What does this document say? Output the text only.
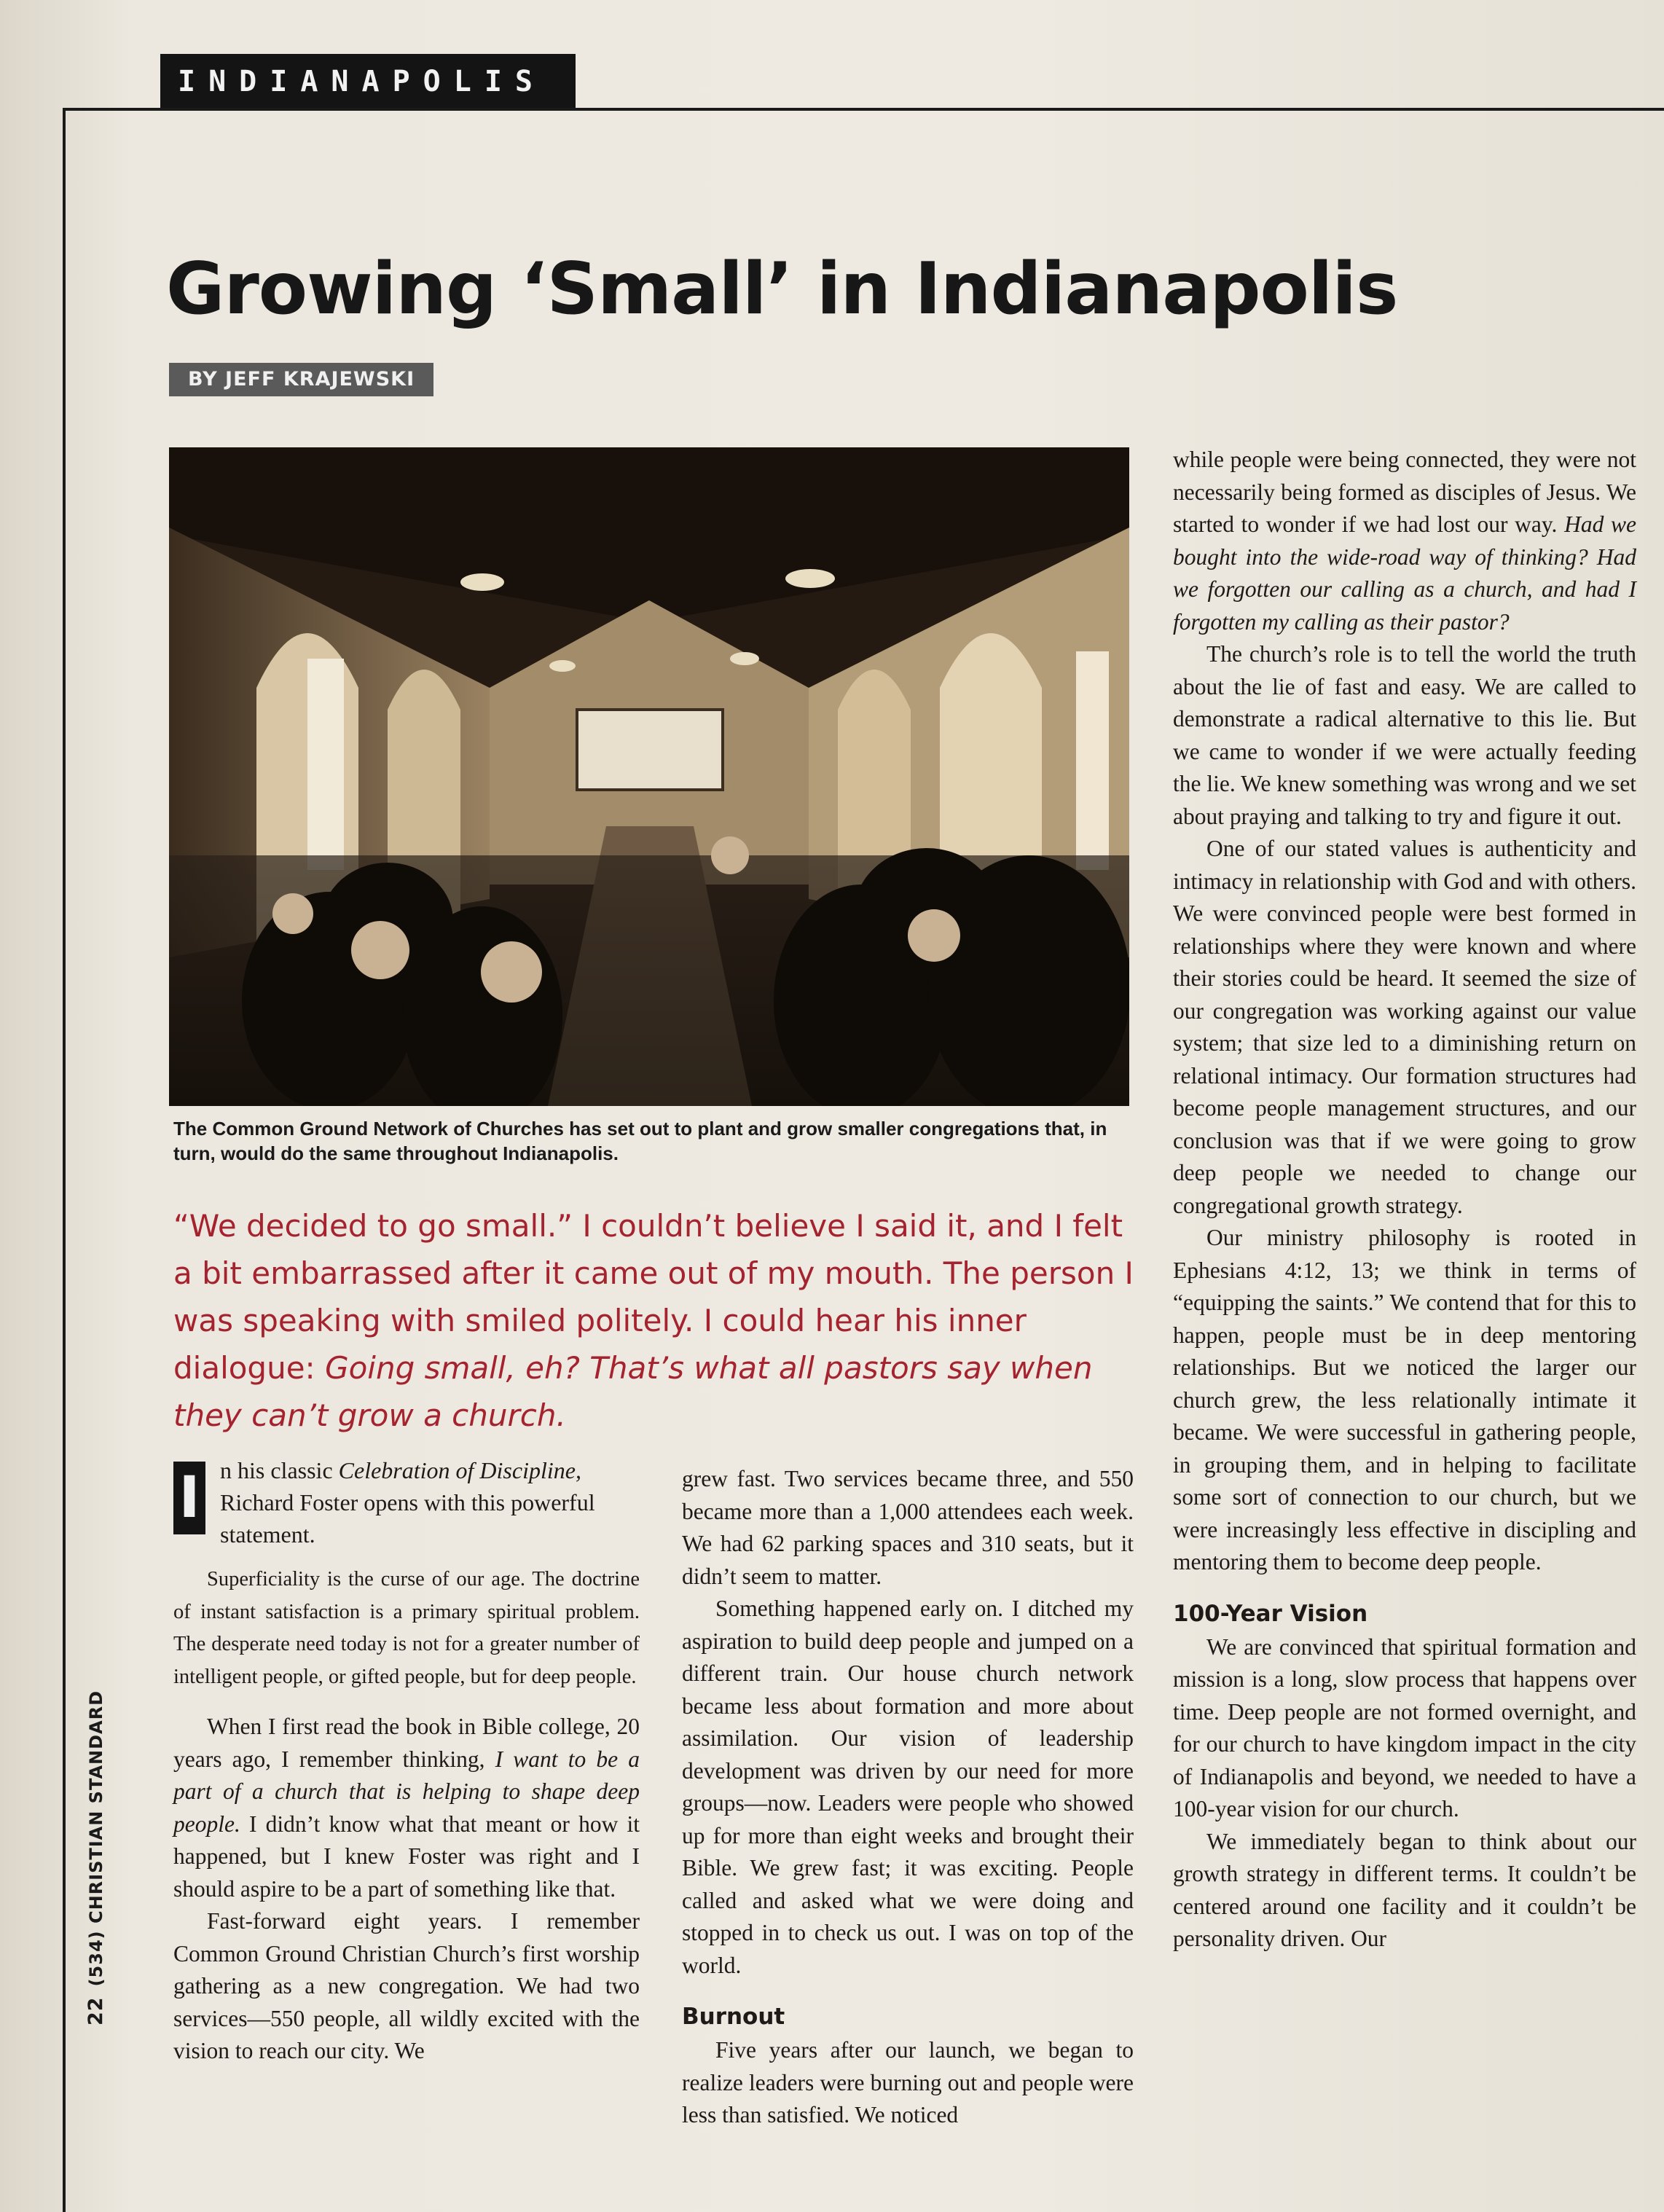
INDIANAPOLIS
Growing ‘Small’ in Indianapolis
BY JEFF KRAJEWSKI
The Common Ground Network of Churches has set out to plant and grow smaller congregations that, in turn, would do the same throughout Indianapolis.
“We decided to go small.” I couldn’t believe I said it, and I felt a bit embarrassed after it came out of my mouth. The person I was speaking with smiled politely. I could hear his inner dialogue: Going small, eh? That’s what all pastors say when they can’t grow a church.
I n his classic Celebration of Discipline, Richard Foster opens with this powerful statement.

Superficiality is the curse of our age. The doctrine of instant satisfaction is a primary spiritual problem. The desperate need today is not for a greater number of intelligent people, or gifted people, but for deep people.

When I first read the book in Bible college, 20 years ago, I remember thinking, I want to be a part of a church that is helping to shape deep people. I didn’t know what that meant or how it happened, but I knew Foster was right and I should aspire to be a part of something like that.

Fast-forward eight years. I remember Common Ground Christian Church’s first worship gathering as a new congregation. We had two services—550 people, all wildly excited with the vision to reach our city. We

grew fast. Two services became three, and 550 became more than a 1,000 attendees each week. We had 62 parking spaces and 310 seats, but it didn’t seem to matter.

Something happened early on. I ditched my aspiration to build deep people and jumped on a different train. Our house church network became less about formation and more about assimilation. Our vision of leadership development was driven by our need for more groups—now. Leaders were people who showed up for more than eight weeks and brought their Bible. We grew fast; it was exciting. People called and asked what we were doing and stopped in to check us out. I was on top of the world.

Burnout

Five years after our launch, we began to realize leaders were burning out and people were less than satisfied. We noticed

while people were being connected, they were not necessarily being formed as disciples of Jesus. We started to wonder if we had lost our way. Had we bought into the wide-road way of thinking? Had we forgotten our calling as a church, and had I forgotten my calling as their pastor?

The church’s role is to tell the world the truth about the lie of fast and easy. We are called to demonstrate a radical alternative to this lie. But we came to wonder if we were actually feeding the lie. We knew something was wrong and we set about praying and talking to try and figure it out.

One of our stated values is authenticity and intimacy in relationship with God and with others. We were convinced people were best formed in relationships where they were known and where their stories could be heard. It seemed the size of our congregation was working against our value system; that size led to a diminishing return on relational intimacy. Our formation structures had become people management structures, and our conclusion was that if we were going to grow deep people we needed to change our congregational growth strategy.

Our ministry philosophy is rooted in Ephesians 4:12, 13; we think in terms of “equipping the saints.” We contend that for this to happen, people must be in deep mentoring relationships. But we noticed the larger our church grew, the less relationally intimate it became. We were successful in gathering people, in grouping them, and in helping to facilitate some sort of connection to our church, but we were increasingly less effective in discipling and mentoring them to become deep people.

100-Year Vision

We are convinced that spiritual formation and mission is a long, slow process that happens over time. Deep people are not formed overnight, and for our church to have kingdom impact in the city of Indianapolis and beyond, we needed to have a 100-year vision for our church.

We immediately began to think about our growth strategy in different terms. It couldn’t be centered around one facility and it couldn’t be personality driven. Our

22(534) CHRISTIAN STANDARD
